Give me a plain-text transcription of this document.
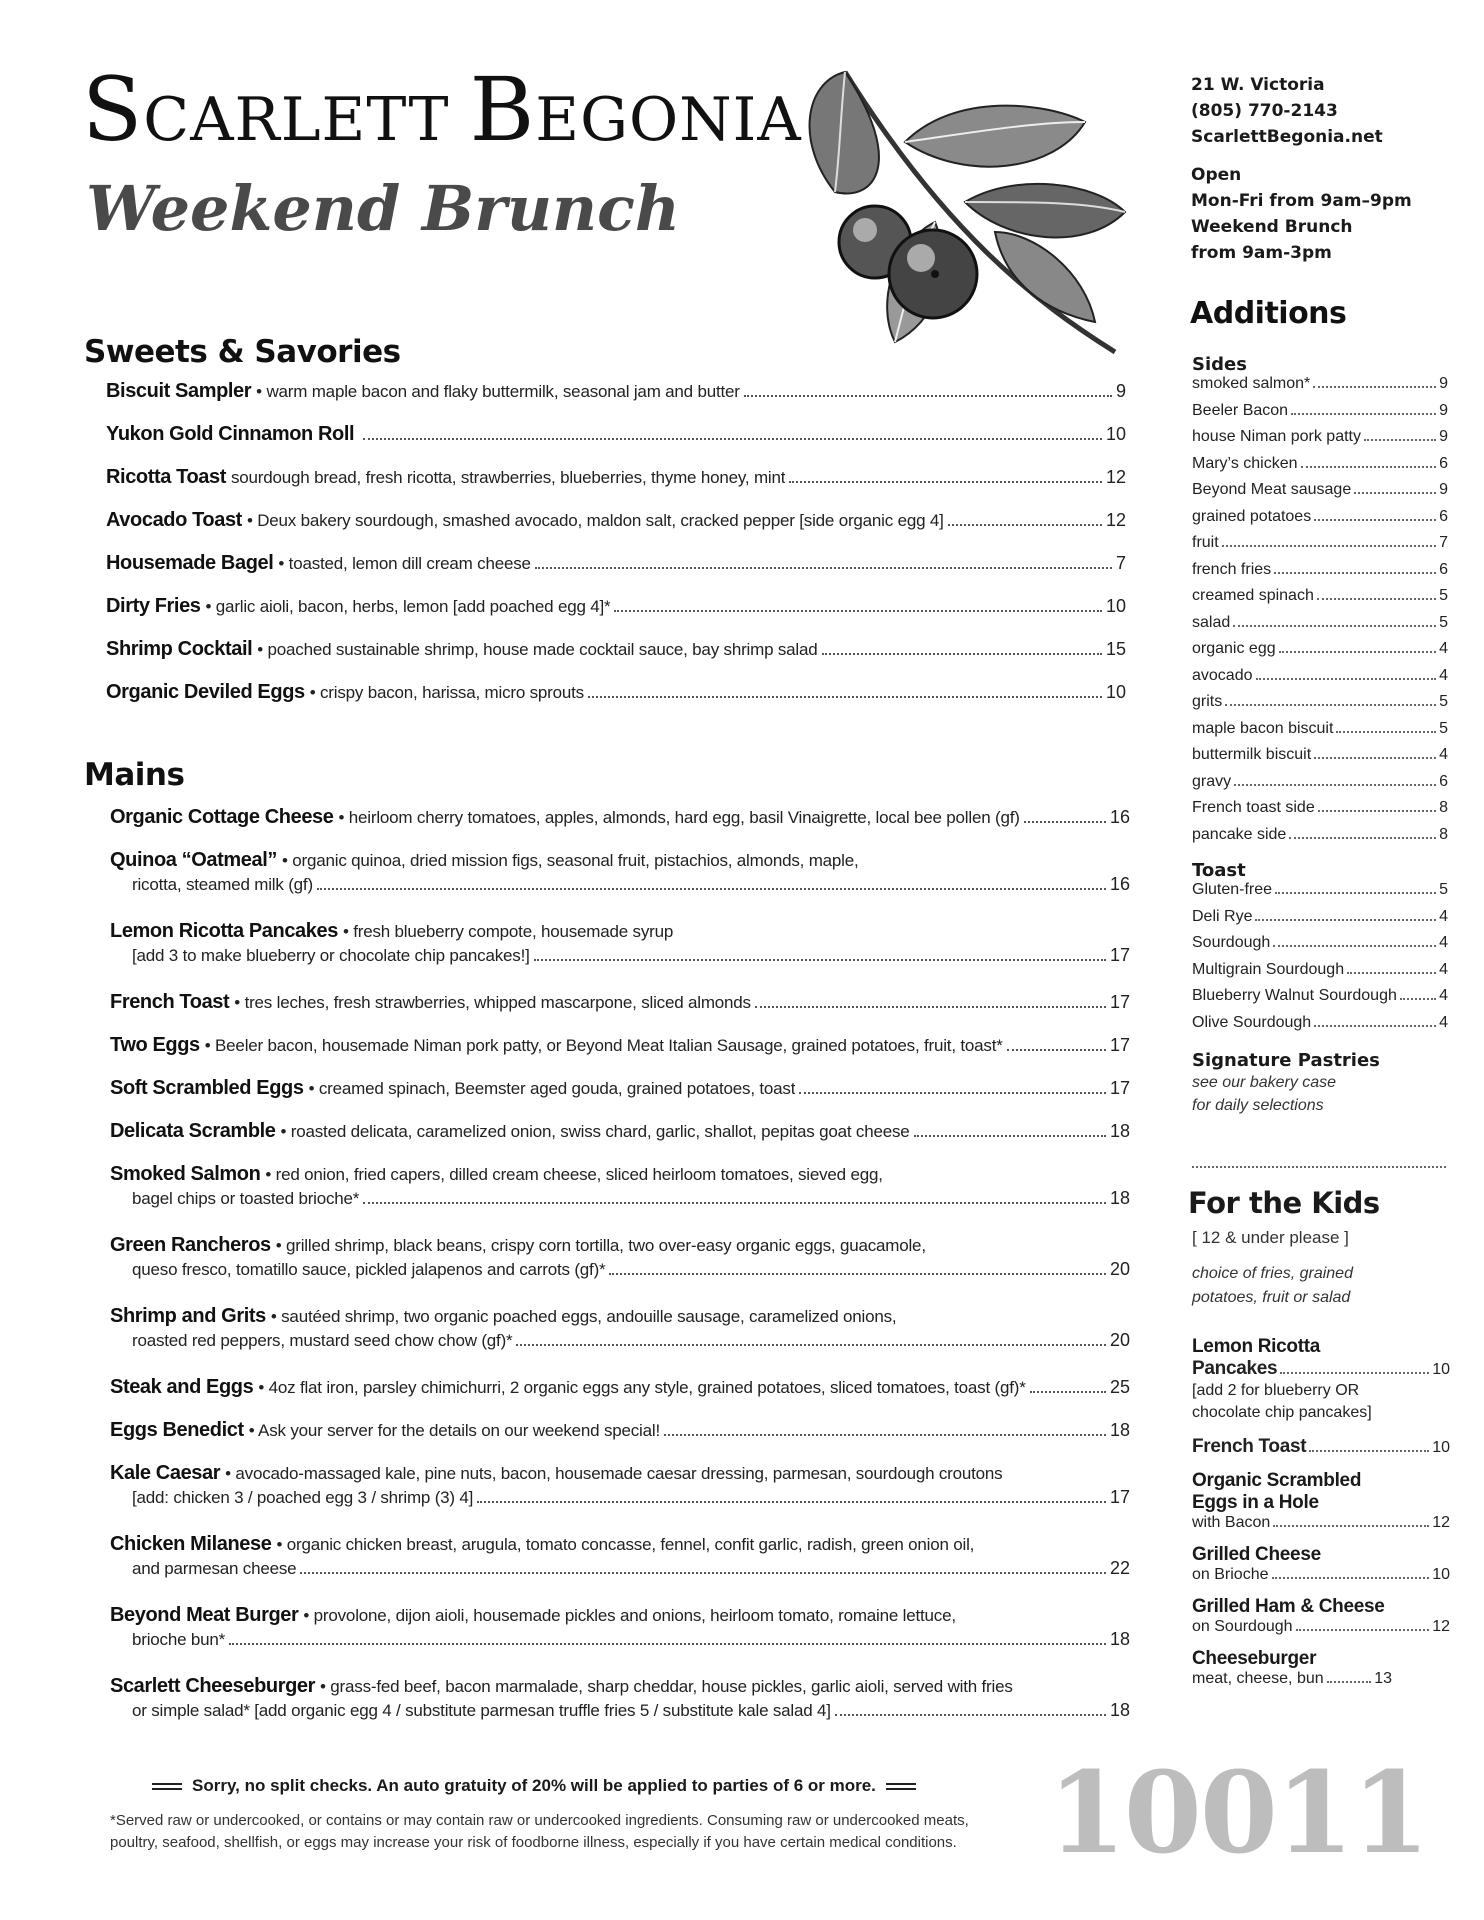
SCARLETT BEGONIA
Weekend Brunch
21 W. Victoria
(805) 770-2143
ScarlettBegonia.net
Open
Mon-Fri from 9am–9pm
Weekend Brunch
from 9am-3pm
Sweets & Savories
Biscuit Sampler • warm maple bacon and flaky buttermilk, seasonal jam and butter	9
Yukon Gold Cinnamon Roll	10
Ricotta Toast sourdough bread, fresh ricotta, strawberries, blueberries, thyme honey, mint	12
Avocado Toast • Deux bakery sourdough, smashed avocado, maldon salt, cracked pepper [side organic egg 4]	12
Housemade Bagel • toasted, lemon dill cream cheese	7
Dirty Fries • garlic aioli, bacon, herbs, lemon [add poached egg 4]*	10
Shrimp Cocktail • poached sustainable shrimp, house made cocktail sauce, bay shrimp salad	15
Organic Deviled Eggs • crispy bacon, harissa, micro sprouts	10
Mains
Organic Cottage Cheese • heirloom cherry tomatoes, apples, almonds, hard egg, basil Vinaigrette, local bee pollen (gf)	16
Quinoa “Oatmeal” • organic quinoa, dried mission figs, seasonal fruit, pistachios, almonds, maple,
ricotta, steamed milk (gf)	16
Lemon Ricotta Pancakes • fresh blueberry compote, housemade syrup
[add 3 to make blueberry or chocolate chip pancakes!]	17
French Toast • tres leches, fresh strawberries, whipped mascarpone, sliced almonds	17
Two Eggs • Beeler bacon, housemade Niman pork patty, or Beyond Meat Italian Sausage, grained potatoes, fruit, toast*	17
Soft Scrambled Eggs • creamed spinach, Beemster aged gouda, grained potatoes, toast	17
Delicata Scramble • roasted delicata, caramelized onion, swiss chard, garlic, shallot, pepitas goat cheese	18
Smoked Salmon • red onion, fried capers, dilled cream cheese, sliced heirloom tomatoes, sieved egg,
bagel chips or toasted brioche*	18
Green Rancheros • grilled shrimp, black beans, crispy corn tortilla, two over-easy organic eggs, guacamole,
queso fresco, tomatillo sauce, pickled jalapenos and carrots (gf)*	20
Shrimp and Grits • sautéed shrimp, two organic poached eggs, andouille sausage, caramelized onions,
roasted red peppers, mustard seed chow chow (gf)*	20
Steak and Eggs • 4oz flat iron, parsley chimichurri, 2 organic eggs any style, grained potatoes, sliced tomatoes, toast (gf)*	25
Eggs Benedict • Ask your server for the details on our weekend special!	18
Kale Caesar • avocado-massaged kale, pine nuts, bacon, housemade caesar dressing, parmesan, sourdough croutons
[add: chicken 3 / poached egg 3 / shrimp (3) 4]	17
Chicken Milanese • organic chicken breast, arugula, tomato concasse, fennel, confit garlic, radish, green onion oil,
and parmesan cheese	22
Beyond Meat Burger • provolone, dijon aioli, housemade pickles and onions, heirloom tomato, romaine lettuce,
brioche bun*	18
Scarlett Cheeseburger • grass-fed beef, bacon marmalade, sharp cheddar, house pickles, garlic aioli, served with fries
or simple salad* [add organic egg 4 / substitute parmesan truffle fries 5 / substitute kale salad 4]	18
Additions
Sides
smoked salmon*	9
Beeler Bacon	9
house Niman pork patty	9
Mary’s chicken	6
Beyond Meat sausage	9
grained potatoes	6
fruit	7
french fries	6
creamed spinach	5
salad	5
organic egg	4
avocado	4
grits	5
maple bacon biscuit	5
buttermilk biscuit	4
gravy	6
French toast side	8
pancake side	8
Toast
Gluten-free	5
Deli Rye	4
Sourdough	4
Multigrain Sourdough	4
Blueberry Walnut Sourdough	4
Olive Sourdough	4
Signature Pastries
see our bakery case
for daily selections
For the Kids
[ 12 & under please ]
choice of fries, grained
potatoes, fruit or salad
Lemon Ricotta
Pancakes	10
[add 2 for blueberry OR
chocolate chip pancakes]
French Toast	10
Organic Scrambled
Eggs in a Hole
with Bacon	12
Grilled Cheese
on Brioche	10
Grilled Ham & Cheese
on Sourdough	12
Cheeseburger
meat, cheese, bun	13
Sorry, no split checks. An auto gratuity of 20% will be applied to parties of 6 or more.
*Served raw or undercooked, or contains or may contain raw or undercooked ingredients. Consuming raw or undercooked meats,
poultry, seafood, shellfish, or eggs may increase your risk of foodborne illness, especially if you have certain medical conditions. 10011
